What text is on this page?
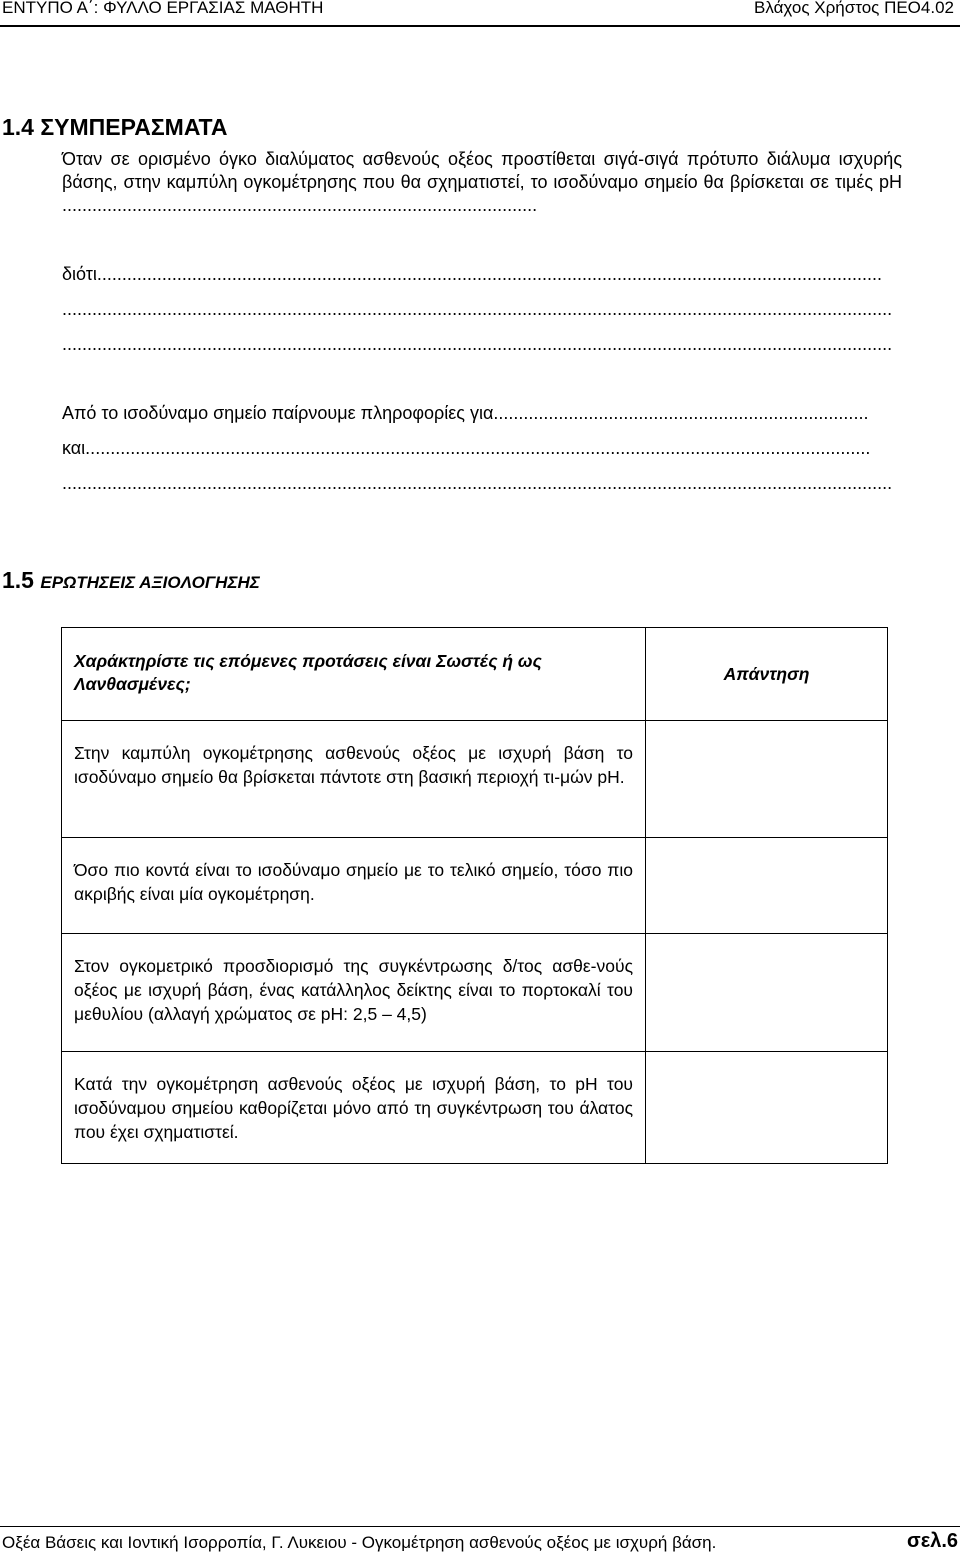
ΕΝΤΥΠΟ Α΄: ΦΥΛΛΟ ΕΡΓΑΣΙΑΣ ΜΑΘΗΤΗ	Βλάχος Χρήστος ΠΕΟ4.02
1.4 ΣΥΜΠΕΡΑΣΜΑΤΑ
Όταν σε ορισμένο όγκο διαλύματος ασθενούς οξέος προστίθεται σιγά-σιγά πρότυπο διάλυμα ισχυρής βάσης, στην καμπύλη ογκομέτρησης που θα σχηματιστεί, το ισοδύναμο σημείο θα βρίσκεται σε τιμές pH ...............................................................................................
διότι.............................................................................................................................................................
......................................................................................................................................................................
......................................................................................................................................................................
Από το ισοδύναμο σημείο παίρνουμε πληροφορίες για...........................................................................
και.............................................................................................................................................................
......................................................................................................................................................................
1.5 ΕΡΩΤΗΣΕΙΣ ΑΞΙΟΛΟΓΗΣΗΣ
Χαράκτηρίστε τις επόμενες προτάσεις είναι Σωστές ή ως Λανθασμένες;	Απάντηση
Στην καμπύλη ογκομέτρησης ασθενούς οξέος με ισχυρή βάση το ισοδύναμο σημείο θα βρίσκεται πάντοτε στη βασική περιοχή τι-μών pH.	
Όσο πιο κοντά είναι το ισοδύναμο σημείο με το τελικό σημείο, τόσο πιο ακριβής είναι μία ογκομέτρηση.	
Στον ογκομετρικό προσδιορισμό της συγκέντρωσης δ/τος ασθε-νούς οξέος με ισχυρή βάση, ένας κατάλληλος δείκτης είναι το πορτοκαλί του μεθυλίου (αλλαγή χρώματος σε pH: 2,5 – 4,5)	
Κατά την ογκομέτρηση ασθενούς οξέος με ισχυρή βάση, το pH του ισοδύναμου σημείου καθορίζεται μόνο από τη συγκέντρωση του άλατος που έχει σχηματιστεί.	
Οξέα Βάσεις και Ιοντική Ισορροπία, Γ. Λυκειου - Ογκομέτρηση ασθενούς οξέος με ισχυρή βάση.	σελ.6
